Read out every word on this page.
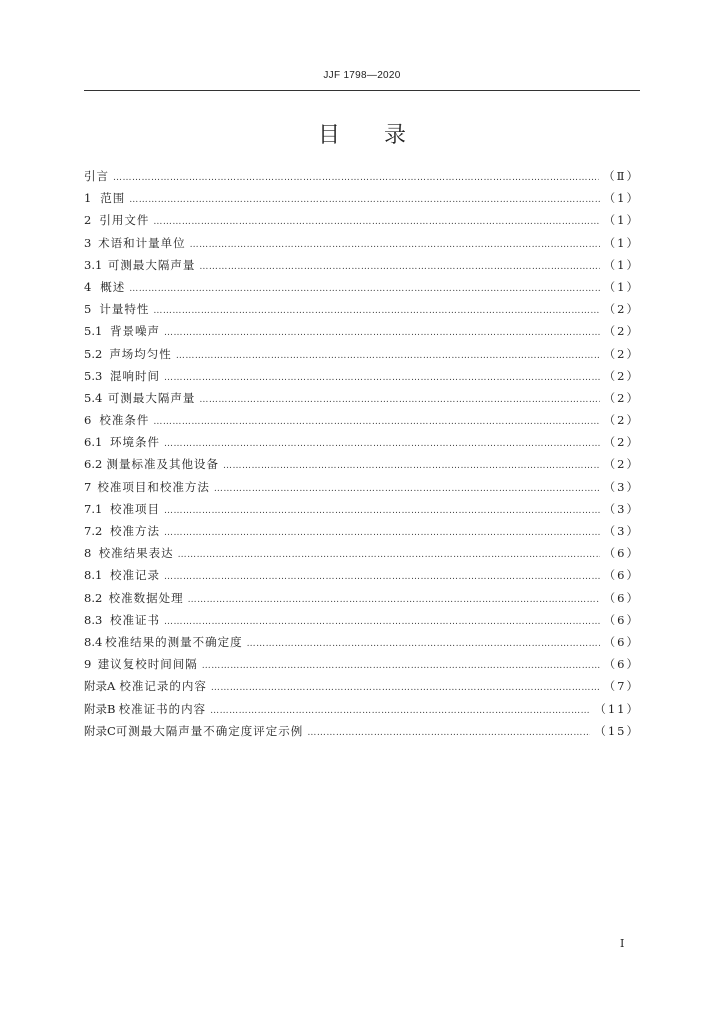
JJF 1798—2020
目录
引言 …………………………………………………………………………………………………………………………………………………………………………………	（Ⅱ）
1 范围 …………………………………………………………………………………………………………………………………………………………………………………	（1）
2 引用文件 …………………………………………………………………………………………………………………………………………………………………………………	（1）
3 术语和计量单位 …………………………………………………………………………………………………………………………………………………………………………………	（1）
3.1 可测最大隔声量 …………………………………………………………………………………………………………………………………………………………………………………	（1）
4 概述 …………………………………………………………………………………………………………………………………………………………………………………	（1）
5 计量特性 …………………………………………………………………………………………………………………………………………………………………………………	（2）
5.1 背景噪声 …………………………………………………………………………………………………………………………………………………………………………………	（2）
5.2 声场均匀性 …………………………………………………………………………………………………………………………………………………………………………………	（2）
5.3 混响时间 …………………………………………………………………………………………………………………………………………………………………………………	（2）
5.4 可测最大隔声量 …………………………………………………………………………………………………………………………………………………………………………………	（2）
6 校准条件 …………………………………………………………………………………………………………………………………………………………………………………	（2）
6.1 环境条件 …………………………………………………………………………………………………………………………………………………………………………………	（2）
6.2 测量标准及其他设备 …………………………………………………………………………………………………………………………………………………………………………………	（2）
7 校准项目和校准方法 …………………………………………………………………………………………………………………………………………………………………………………	（3）
7.1 校准项目 …………………………………………………………………………………………………………………………………………………………………………………	（3）
7.2 校准方法 …………………………………………………………………………………………………………………………………………………………………………………	（3）
8 校准结果表达 …………………………………………………………………………………………………………………………………………………………………………………	（6）
8.1 校准记录 …………………………………………………………………………………………………………………………………………………………………………………	（6）
8.2 校准数据处理 …………………………………………………………………………………………………………………………………………………………………………………	（6）
8.3 校准证书 …………………………………………………………………………………………………………………………………………………………………………………	（6）
8.4 校准结果的测量不确定度 …………………………………………………………………………………………………………………………………………………………………………………	（6）
9 建议复校时间间隔 …………………………………………………………………………………………………………………………………………………………………………………	（6）
附录A 校准记录的内容 …………………………………………………………………………………………………………………………………………………………………………………	（7）
附录B 校准证书的内容 …………………………………………………………………………………………………………………………………………………………………………………	（11）
附录C 可测最大隔声量不确定度评定示例 …………………………………………………………………………………………………………………………………………………………………………………	（15）
Ⅰ
